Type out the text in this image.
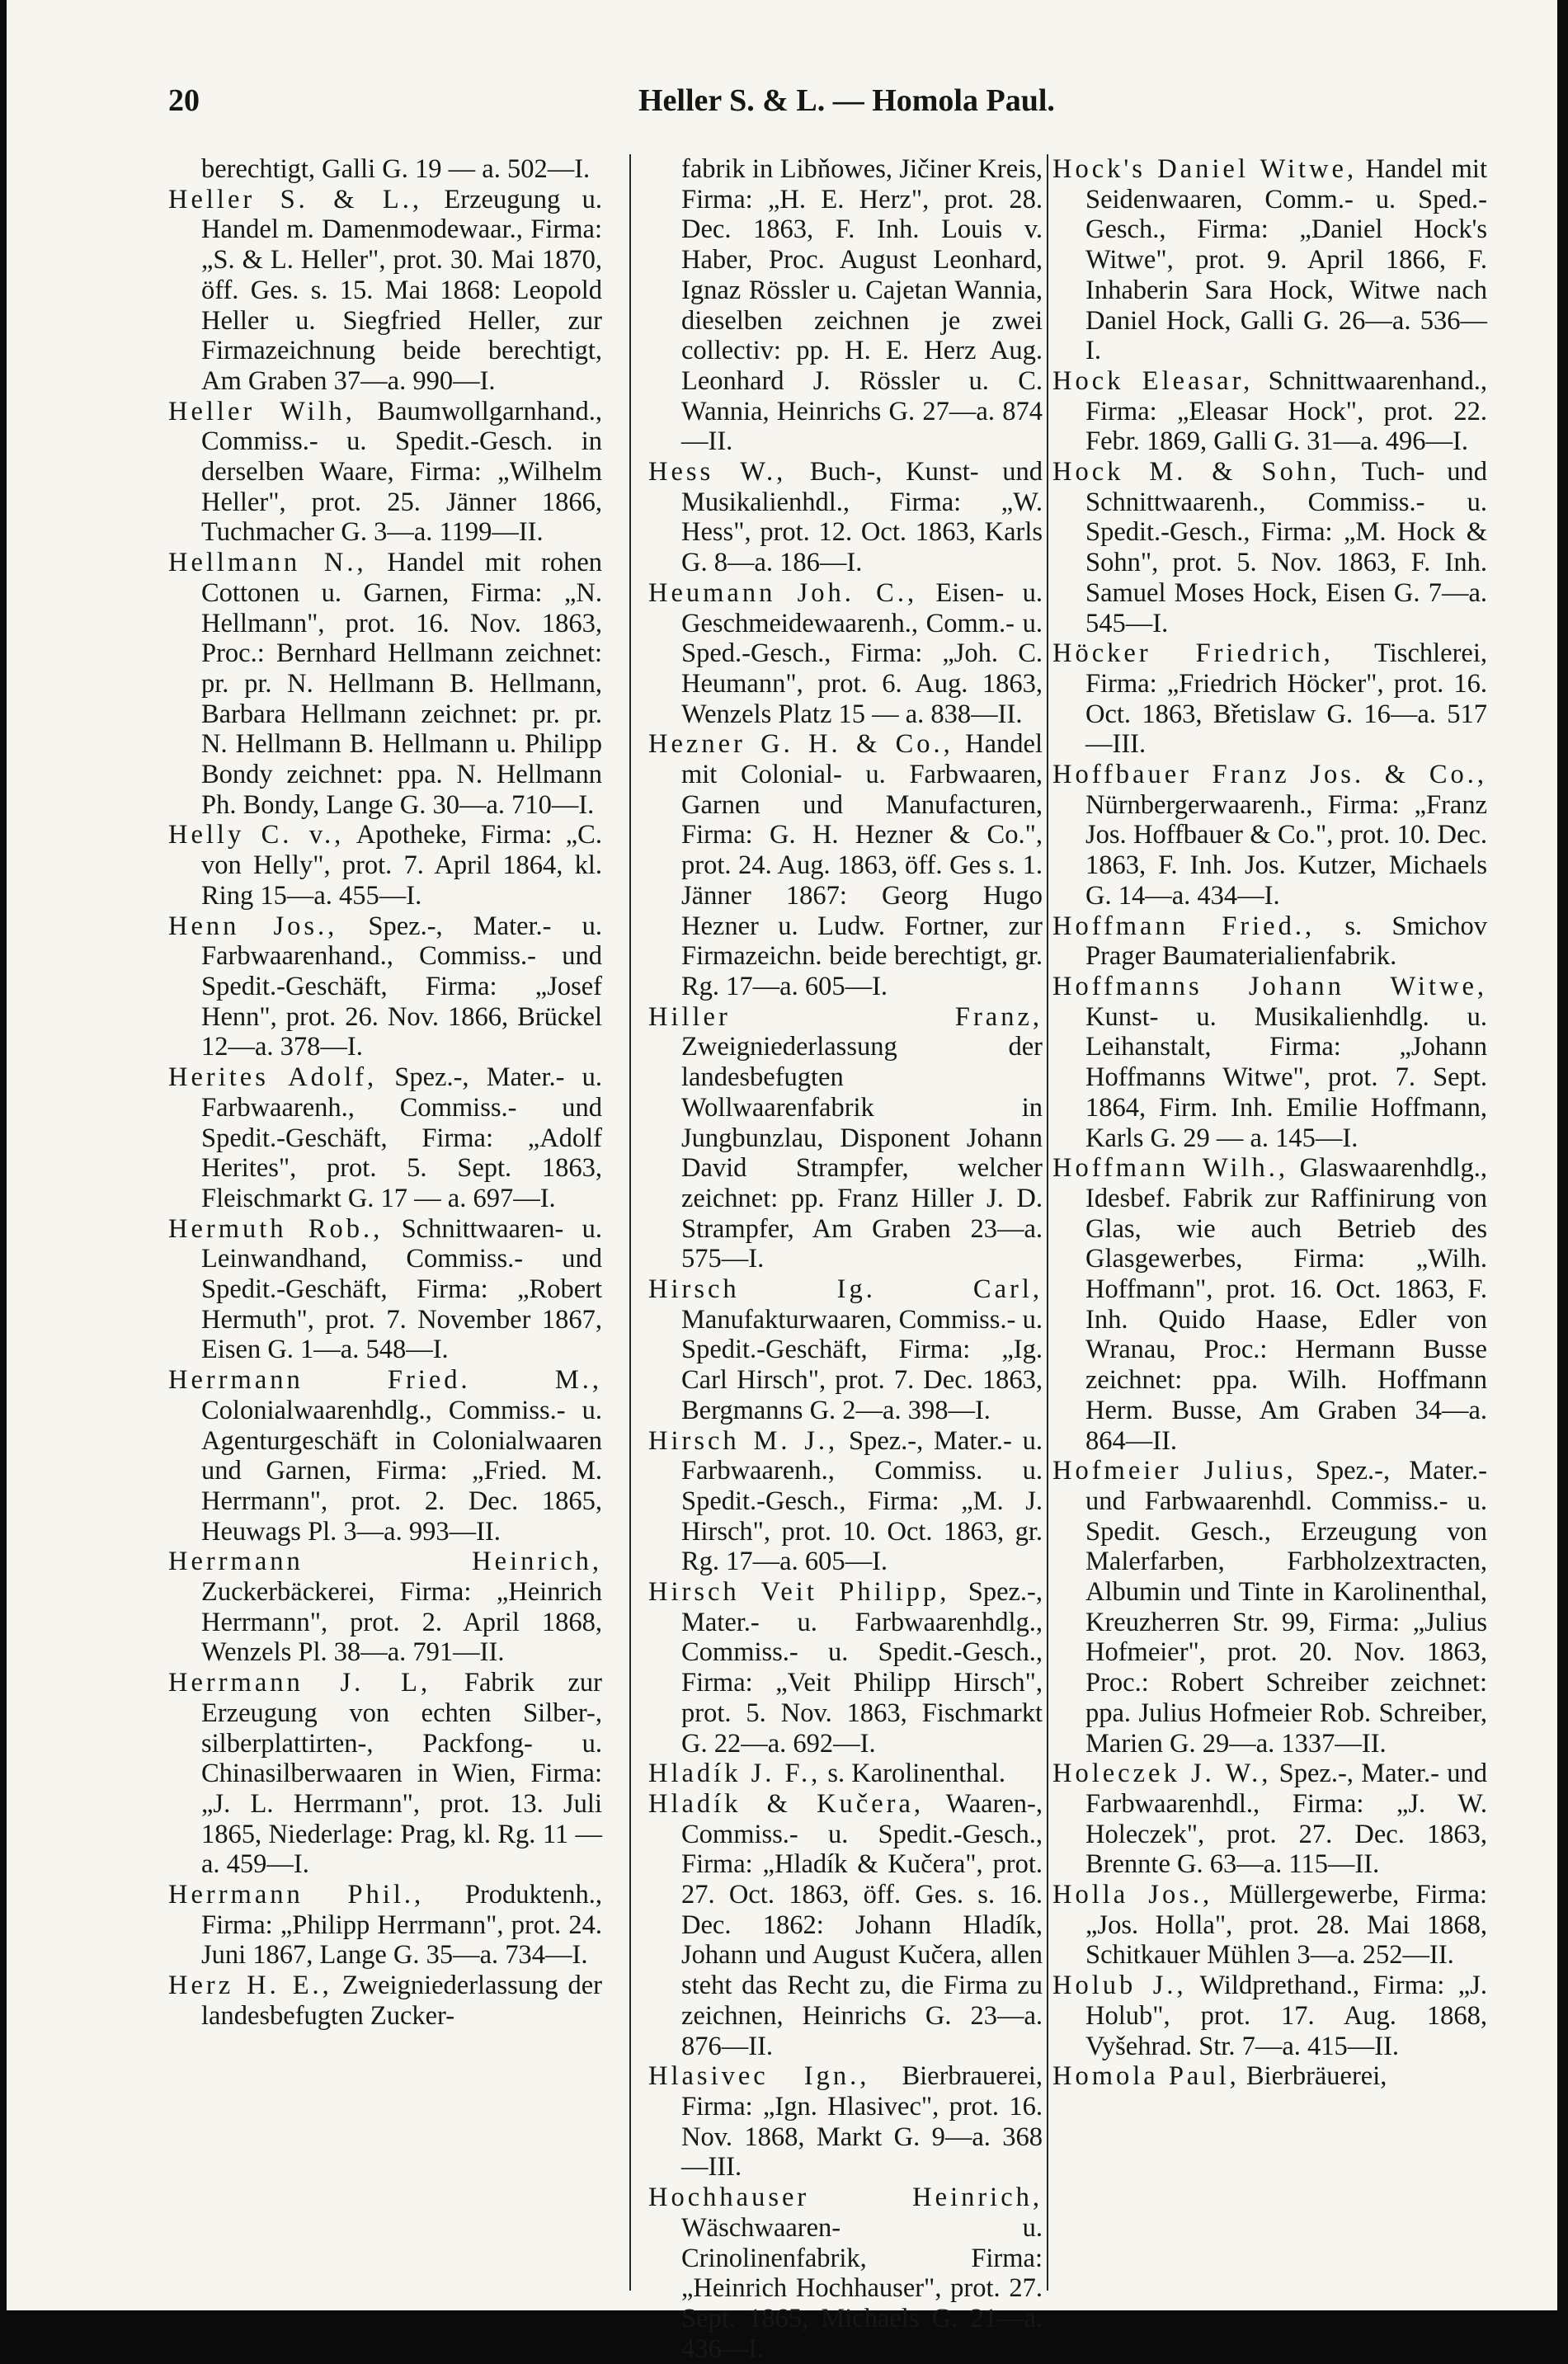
20	Heller S. & L. — Homola Paul.

berechtigt, Galli G. 19 — a. 502—I.

Heller S. & L., Erzeugung u. Handel m. Damenmodewaar., Firma: „S. & L. Heller", prot. 30. Mai 1870, öff. Ges. s. 15. Mai 1868: Leopold Heller u. Siegfried Heller, zur Firmazeichnung beide berechtigt, Am Graben 37—a. 990—I.

Heller Wilh, Baumwollgarnhand., Commiss.- u. Spedit.-Gesch. in derselben Waare, Firma: „Wilhelm Heller", prot. 25. Jänner 1866, Tuchmacher G. 3—a. 1199—II.

Hellmann N., Handel mit rohen Cottonen u. Garnen, Firma: „N. Hellmann", prot. 16. Nov. 1863, Proc.: Bernhard Hellmann zeichnet: pr. pr. N. Hellmann B. Hellmann, Barbara Hellmann zeichnet: pr. pr. N. Hellmann B. Hellmann u. Philipp Bondy zeichnet: ppa. N. Hellmann Ph. Bondy, Lange G. 30—a. 710—I.

Helly C. v., Apotheke, Firma: „C. von Helly", prot. 7. April 1864, kl. Ring 15—a. 455—I.

Henn Jos., Spez.-, Mater.- u. Farbwaarenhand., Commiss.- und Spedit.-Geschäft, Firma: „Josef Henn", prot. 26. Nov. 1866, Brückel 12—a. 378—I.

Herites Adolf, Spez.-, Mater.- u. Farbwaarenh., Commiss.- und Spedit.-Geschäft, Firma: „Adolf Herites", prot. 5. Sept. 1863, Fleischmarkt G. 17 — a. 697—I.

Hermuth Rob., Schnittwaaren- u. Leinwandhand, Commiss.- und Spedit.-Geschäft, Firma: „Robert Hermuth", prot. 7. November 1867, Eisen G. 1—a. 548—I.

Herrmann Fried. M., Colonialwaarenhdlg., Commiss.- u. Agenturgeschäft in Colonialwaaren und Garnen, Firma: „Fried. M. Herrmann", prot. 2. Dec. 1865, Heuwags Pl. 3—a. 993—II.

Herrmann Heinrich, Zuckerbäckerei, Firma: „Heinrich Herrmann", prot. 2. April 1868, Wenzels Pl. 38—a. 791—II.

Herrmann J. L, Fabrik zur Erzeugung von echten Silber-, silberplattirten-, Packfong- u. Chinasilberwaaren in Wien, Firma: „J. L. Herrmann", prot. 13. Juli 1865, Niederlage: Prag, kl. Rg. 11 — a. 459—I.

Herrmann Phil., Produktenh., Firma: „Philipp Herrmann", prot. 24. Juni 1867, Lange G. 35—a. 734—I.

Herz H. E., Zweigniederlassung der landesbefugten Zucker-

fabrik in Libňowes, Jičiner Kreis, Firma: „H. E. Herz", prot. 28. Dec. 1863, F. Inh. Louis v. Haber, Proc. August Leonhard, Ignaz Rössler u. Cajetan Wannia, dieselben zeichnen je zwei collectiv: pp. H. E. Herz Aug. Leonhard J. Rössler u. C. Wannia, Heinrichs G. 27—a. 874—II.

Hess W., Buch-, Kunst- und Musikalienhdl., Firma: „W. Hess", prot. 12. Oct. 1863, Karls G. 8—a. 186—I.

Heumann Joh. C., Eisen- u. Geschmeidewaarenh., Comm.- u. Sped.-Gesch., Firma: „Joh. C. Heumann", prot. 6. Aug. 1863, Wenzels Platz 15 — a. 838—II.

Hezner G. H. & Co., Handel mit Colonial- u. Farbwaaren, Garnen und Manufacturen, Firma: G. H. Hezner & Co.", prot. 24. Aug. 1863, öff. Ges s. 1. Jänner 1867: Georg Hugo Hezner u. Ludw. Fortner, zur Firmazeichn. beide berechtigt, gr. Rg. 17—a. 605—I.

Hiller Franz, Zweigniederlassung der landesbefugten Wollwaarenfabrik in Jungbunzlau, Disponent Johann David Strampfer, welcher zeichnet: pp. Franz Hiller J. D. Strampfer, Am Graben 23—a. 575—I.

Hirsch Ig. Carl, Manufakturwaaren, Commiss.- u. Spedit.-Geschäft, Firma: „Ig. Carl Hirsch", prot. 7. Dec. 1863, Bergmanns G. 2—a. 398—I.

Hirsch M. J., Spez.-, Mater.- u. Farbwaarenh., Commiss. u. Spedit.-Gesch., Firma: „M. J. Hirsch", prot. 10. Oct. 1863, gr. Rg. 17—a. 605—I.

Hirsch Veit Philipp, Spez.-, Mater.- u. Farbwaarenhdlg., Commiss.- u. Spedit.-Gesch., Firma: „Veit Philipp Hirsch", prot. 5. Nov. 1863, Fischmarkt G. 22—a. 692—I.

Hladík J. F., s. Karolinenthal.

Hladík & Kučera, Waaren-, Commiss.- u. Spedit.-Gesch., Firma: „Hladík & Kučera", prot. 27. Oct. 1863, öff. Ges. s. 16. Dec. 1862: Johann Hladík, Johann und August Kučera, allen steht das Recht zu, die Firma zu zeichnen, Heinrichs G. 23—a. 876—II.

Hlasivec Ign., Bierbrauerei, Firma: „Ign. Hlasivec", prot. 16. Nov. 1868, Markt G. 9—a. 368—III.

Hochhauser Heinrich, Wäschwaaren- u. Crinolinenfabrik, Firma: „Heinrich Hochhauser", prot. 27. Sept. 1865, Michaels G. 21—a. 436—I.

Hock's Daniel Witwe, Handel mit Seidenwaaren, Comm.- u. Sped.-Gesch., Firma: „Daniel Hock's Witwe", prot. 9. April 1866, F. Inhaberin Sara Hock, Witwe nach Daniel Hock, Galli G. 26—a. 536—I.

Hock Eleasar, Schnittwaarenhand., Firma: „Eleasar Hock", prot. 22. Febr. 1869, Galli G. 31—a. 496—I.

Hock M. & Sohn, Tuch- und Schnittwaarenh., Commiss.- u. Spedit.-Gesch., Firma: „M. Hock & Sohn", prot. 5. Nov. 1863, F. Inh. Samuel Moses Hock, Eisen G. 7—a. 545—I.

Höcker Friedrich, Tischlerei, Firma: „Friedrich Höcker", prot. 16. Oct. 1863, Břetislaw G. 16—a. 517—III.

Hoffbauer Franz Jos. & Co., Nürnbergerwaarenh., Firma: „Franz Jos. Hoffbauer & Co.", prot. 10. Dec. 1863, F. Inh. Jos. Kutzer, Michaels G. 14—a. 434—I.

Hoffmann Fried., s. Smichov Prager Baumaterialienfabrik.

Hoffmanns Johann Witwe, Kunst- u. Musikalienhdlg. u. Leihanstalt, Firma: „Johann Hoffmanns Witwe", prot. 7. Sept. 1864, Firm. Inh. Emilie Hoffmann, Karls G. 29 — a. 145—I.

Hoffmann Wilh., Glaswaarenhdlg., Idesbef. Fabrik zur Raffinirung von Glas, wie auch Betrieb des Glasgewerbes, Firma: „Wilh. Hoffmann", prot. 16. Oct. 1863, F. Inh. Quido Haase, Edler von Wranau, Proc.: Hermann Busse zeichnet: ppa. Wilh. Hoffmann Herm. Busse, Am Graben 34—a. 864—II.

Hofmeier Julius, Spez.-, Mater.- und Farbwaarenhdl. Commiss.- u. Spedit. Gesch., Erzeugung von Malerfarben, Farbholzextracten, Albumin und Tinte in Karolinenthal, Kreuzherren Str. 99, Firma: „Julius Hofmeier", prot. 20. Nov. 1863, Proc.: Robert Schreiber zeichnet: ppa. Julius Hofmeier Rob. Schreiber, Marien G. 29—a. 1337—II.

Holeczek J. W., Spez.-, Mater.- und Farbwaarenhdl., Firma: „J. W. Holeczek", prot. 27. Dec. 1863, Brennte G. 63—a. 115—II.

Holla Jos., Müllergewerbe, Firma: „Jos. Holla", prot. 28. Mai 1868, Schitkauer Mühlen 3—a. 252—II.

Holub J., Wildprethand., Firma: „J. Holub", prot. 17. Aug. 1868, Vyšehrad. Str. 7—a. 415—II.

Homola Paul, Bierbräuerei,
